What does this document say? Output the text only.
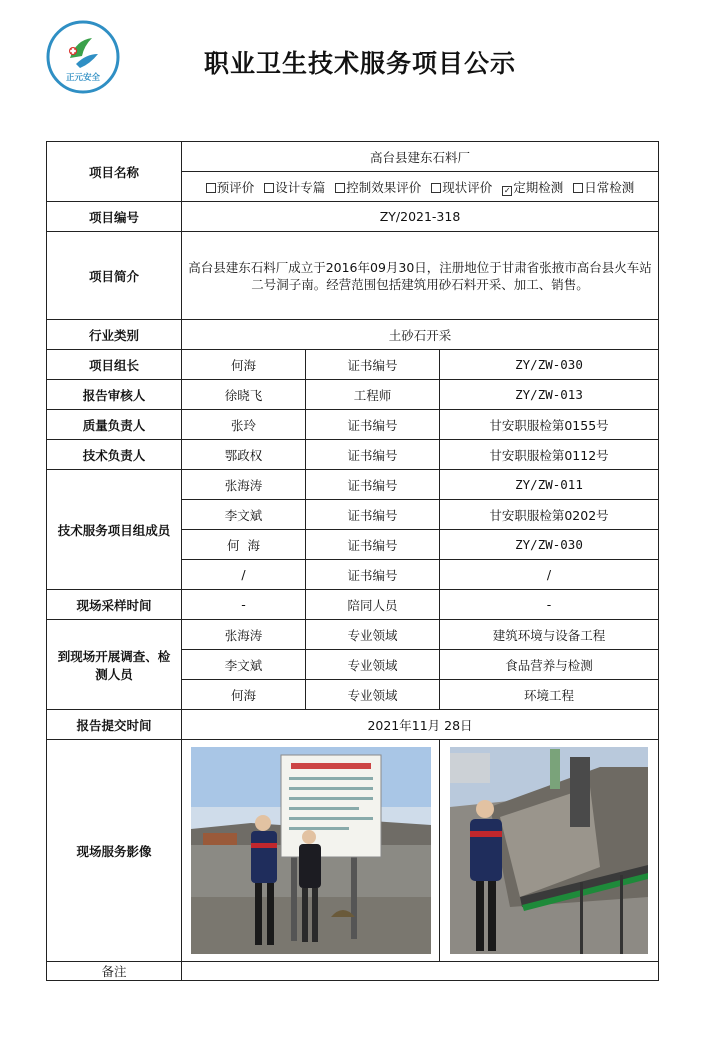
正元安全	职业卫生技术服务项目公示
项目名称	高台县建东石料厂		
	预评价 设计专篇 控制效果评价 现状评价 ✓ 定期检测 日常检测		
项目编号	ZY/2021-318		
项目简介	高台县建东石料厂成立于2016年09月30日，注册地位于甘肃省张掖市高台县火车站二号洞子南。经营范围包括建筑用砂石料开采、加工、销售。		
行业类别	土砂石开采		
项目组长	何海	证书编号	ZY/ZW-030
报告审核人	徐晓飞	工程师	ZY/ZW-013
质量负责人	张玲	证书编号	甘安职服检第0155号
技术负责人	鄂政权	证书编号	甘安职服检第0112号
技术服务项目组成员	张海涛	证书编号	ZY/ZW-011
	李文斌	证书编号	甘安职服检第0202号
	何  海	证书编号	ZY/ZW-030
	/	证书编号	/
现场采样时间	-	陪同人员	-
到现场开展调查、检测人员	张海涛	专业领域	建筑环境与设备工程
	李文斌	专业领域	食品营养与检测
	何海	专业领域	环境工程
报告提交时间	2021年11月 28日		
现场服务影像		
备注			
